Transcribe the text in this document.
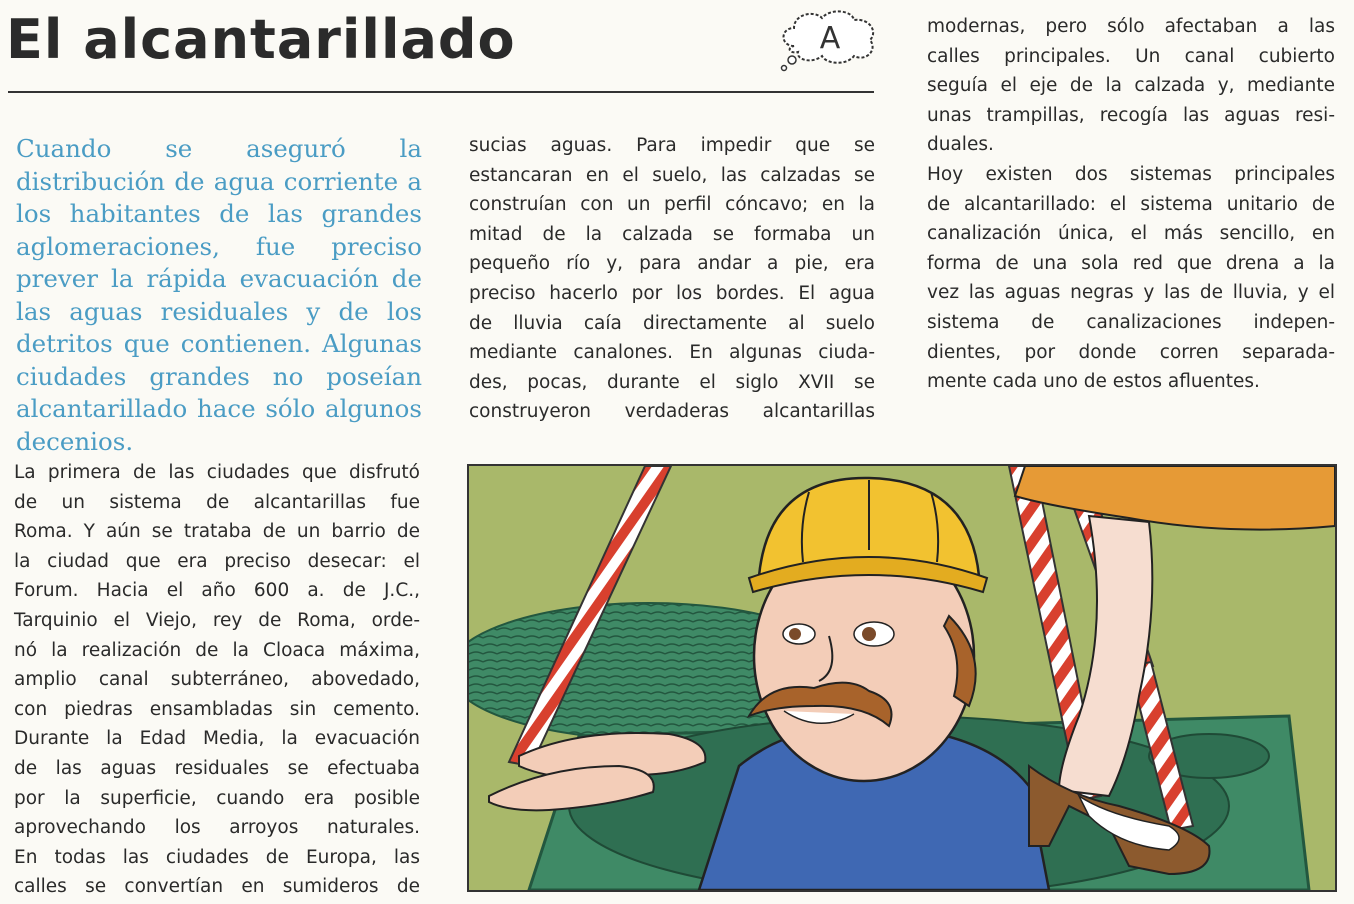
El alcantarillado	A

Cuando se aseguró la distribución de agua corriente a los habitantes de las grandes aglomeraciones, fue preciso prever la rápida evacuación de las aguas residuales y de los detritos que contienen. Algunas ciudades grandes no poseían alcantarillado hace sólo algunos decenios.

La primera de las ciudades que disfrutó
de un sistema de alcantarillas fue
Roma. Y aún se trataba de un barrio de
la ciudad que era preciso desecar: el
Forum. Hacia el año 600 a. de J.C.,
Tarquinio el Viejo, rey de Roma, orde-
nó la realización de la Cloaca máxima,
amplio canal subterráneo, abovedado,
con piedras ensambladas sin cemento.
Durante la Edad Media, la evacuación
de las aguas residuales se efectuaba
por la superficie, cuando era posible
aprovechando los arroyos naturales.
En todas las ciudades de Europa, las
calles se convertían en sumideros de
sucias aguas. Para impedir que se
estancaran en el suelo, las calzadas se
construían con un perfil cóncavo; en la
mitad de la calzada se formaba un
pequeño río y, para andar a pie, era
preciso hacerlo por los bordes. El agua
de lluvia caía directamente al suelo
mediante canalones. En algunas ciuda-
des, pocas, durante el siglo XVII se
construyeron verdaderas alcantarillas
modernas, pero sólo afectaban a las
calles principales. Un canal cubierto
seguía el eje de la calzada y, mediante
unas trampillas, recogía las aguas resi-
duales.
Hoy existen dos sistemas principales
de alcantarillado: el sistema unitario de
canalización única, el más sencillo, en
forma de una sola red que drena a la
vez las aguas negras y las de lluvia, y el
sistema de canalizaciones indepen-
dientes, por donde corren separada-
mente cada uno de estos afluentes.
